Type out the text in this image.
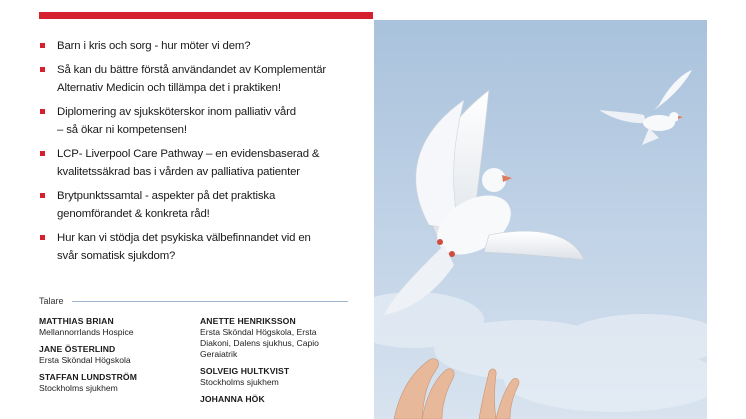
Barn i kris och sorg - hur möter vi dem?
Så kan du bättre förstå användandet av Komplementär
Alternativ Medicin och tillämpa det i praktiken!
Diplomering av sjuksköterskor inom palliativ vård
– så ökar ni kompetensen!
LCP- Liverpool Care Pathway – en evidensbaserad &
kvalitetssäkrad bas i vården av palliativa patienter
Brytpunktssamtal - aspekter på det praktiska
genomförandet & konkreta råd!
Hur kan vi stödja det psykiska välbefinnandet vid en
svår somatisk sjukdom?
Talare
MATTHIAS BRIAN
Mellannorrlands Hospice
JANE ÖSTERLIND
Ersta Sköndal Högskola
STAFFAN LUNDSTRÖM
Stockholms sjukhem
ANETTE HENRIKSSON
Ersta Sköndal Högskola, Ersta
Diakoni, Dalens sjukhus, Capio
Geraiatrik
SOLVEIG HULTKVIST
Stockholms sjukhem
JOHANNA HÖK
